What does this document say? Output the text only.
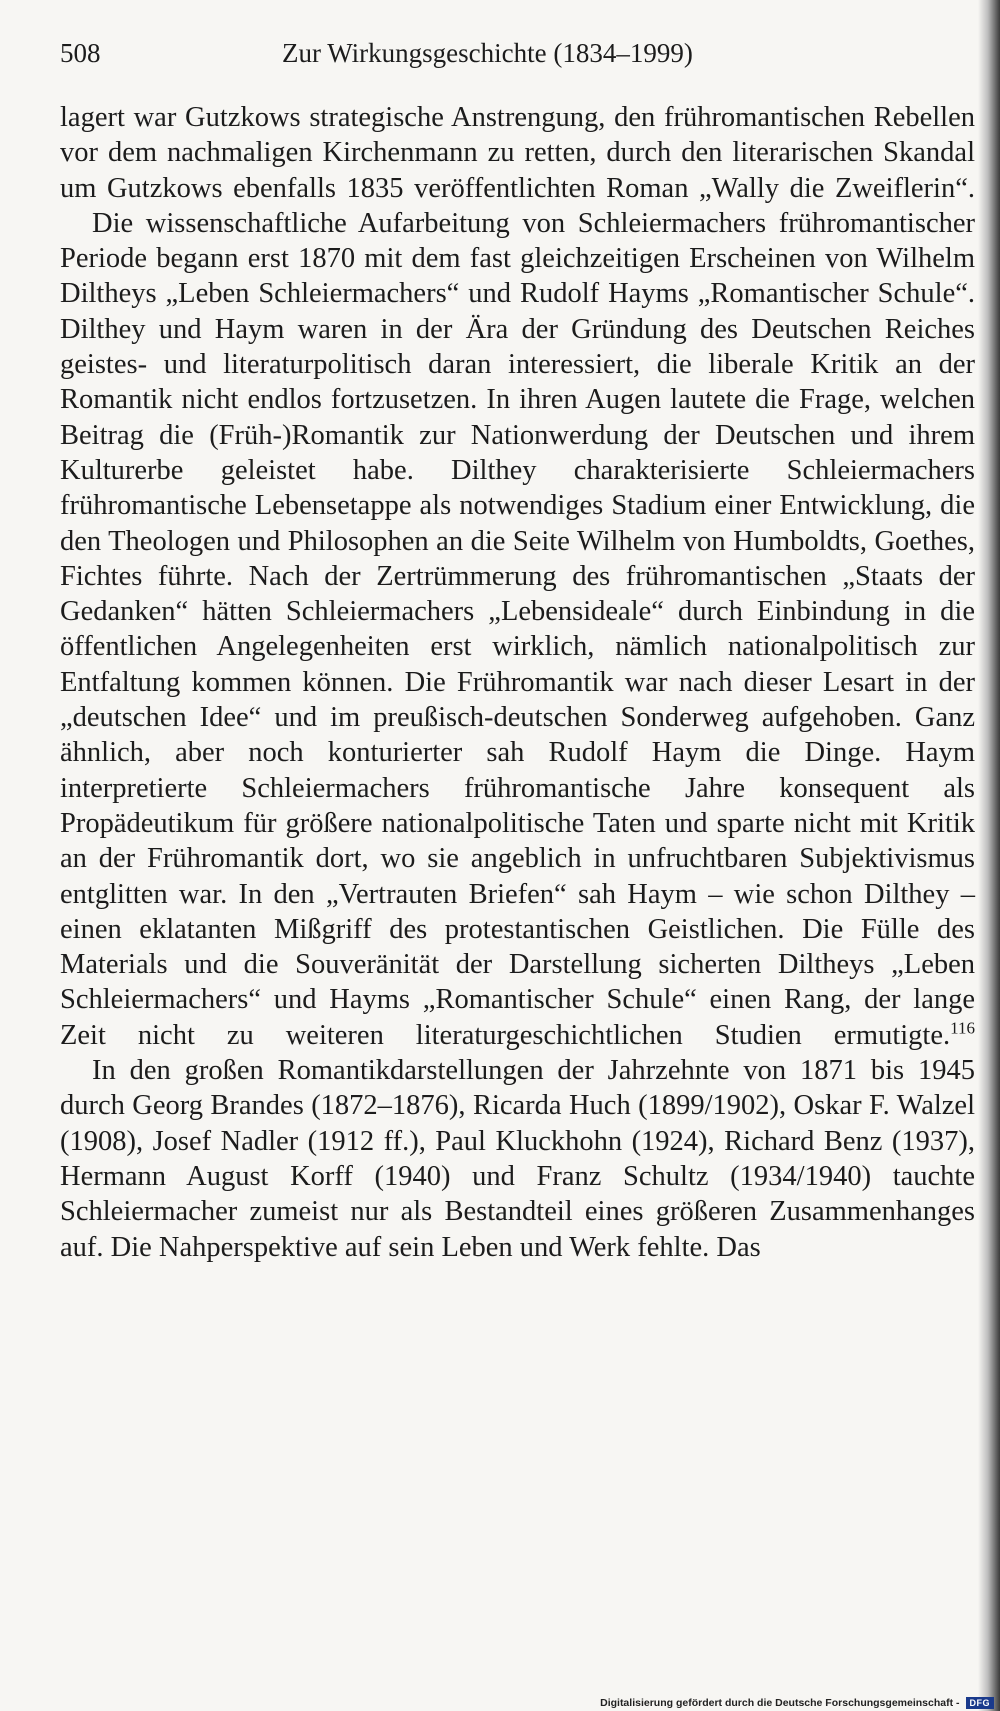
508	Zur Wirkungsgeschichte (1834–1999)

lagert war Gutzkows strategische Anstrengung, den frühromantischen Rebellen vor dem nachmaligen Kirchenmann zu retten, durch den literarischen Skandal um Gutzkows ebenfalls 1835 veröffentlichten Roman „Wally die Zweiflerin“.

Die wissenschaftliche Aufarbeitung von Schleiermachers frühromantischer Periode begann erst 1870 mit dem fast gleichzeitigen Erscheinen von Wilhelm Diltheys „Leben Schleiermachers“ und Rudolf Hayms „Romantischer Schule“. Dilthey und Haym waren in der Ära der Gründung des Deutschen Reiches geistes- und literaturpolitisch daran interessiert, die liberale Kritik an der Romantik nicht endlos fortzusetzen. In ihren Augen lautete die Frage, welchen Beitrag die (Früh-)Romantik zur Nationwerdung der Deutschen und ihrem Kulturerbe geleistet habe. Dilthey charakterisierte Schleiermachers frühromantische Lebensetappe als notwendiges Stadium einer Entwicklung, die den Theologen und Philosophen an die Seite Wilhelm von Humboldts, Goethes, Fichtes führte. Nach der Zertrümmerung des frühromantischen „Staats der Gedanken“ hätten Schleiermachers „Lebensideale“ durch Einbindung in die öffentlichen Angelegenheiten erst wirklich, nämlich nationalpolitisch zur Entfaltung kommen können. Die Frühromantik war nach dieser Lesart in der „deutschen Idee“ und im preußisch-deutschen Sonderweg aufgehoben. Ganz ähnlich, aber noch konturierter sah Rudolf Haym die Dinge. Haym interpretierte Schleiermachers frühromantische Jahre konsequent als Propädeutikum für größere nationalpolitische Taten und sparte nicht mit Kritik an der Frühromantik dort, wo sie angeblich in unfruchtbaren Subjektivismus entglitten war. In den „Vertrauten Briefen“ sah Haym – wie schon Dilthey – einen eklatanten Mißgriff des protestantischen Geistlichen. Die Fülle des Materials und die Souveränität der Darstellung sicherten Diltheys „Leben Schleiermachers“ und Hayms „Romantischer Schule“ einen Rang, der lange Zeit nicht zu weiteren literaturgeschichtlichen Studien ermutigte.$^{116}$

In den großen Romantikdarstellungen der Jahrzehnte von 1871 bis 1945 durch Georg Brandes (1872–1876), Ricarda Huch (1899/1902), Oskar F. Walzel (1908), Josef Nadler (1912 ff.), Paul Kluckhohn (1924), Richard Benz (1937), Hermann August Korff (1940) und Franz Schultz (1934/1940) tauchte Schleiermacher zumeist nur als Bestandteil eines größeren Zusammenhanges auf. Die Nahperspektive auf sein Leben und Werk fehlte. Das

Digitalisierung gefördert durch die Deutsche Forschungsgemeinschaft -	DFG
